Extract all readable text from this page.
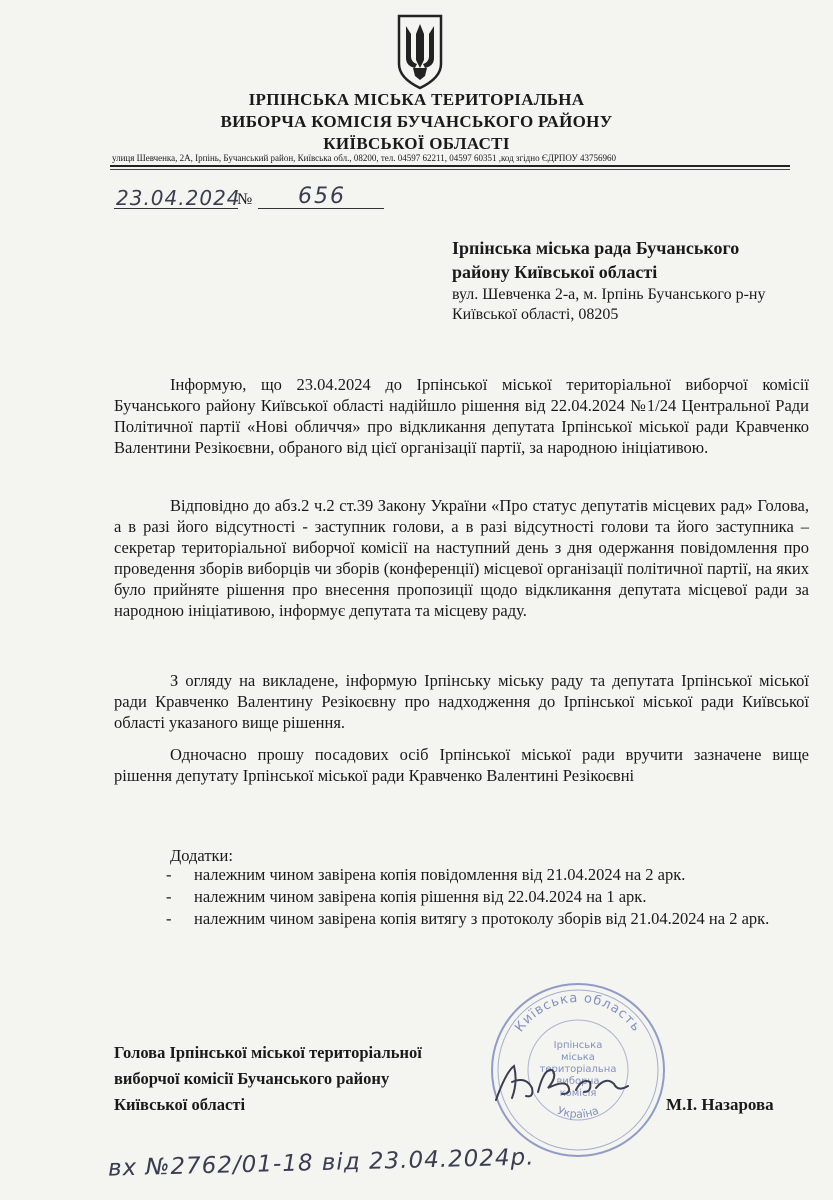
ІРПІНСЬКА МІСЬКА ТЕРИТОРІАЛЬНА
ВИБОРЧА КОМІСІЯ БУЧАНСЬКОГО РАЙОНУ
КИЇВСЬКОЇ ОБЛАСТІ
улиця Шевченка, 2А, Ірпінь, Бучанський район, Київська обл., 08200, тел. 04597 62211, 04597 60351 ,код згідно ЄДРПОУ 43756960
23.04.2024
№ 656
Ірпінська міська рада Бучанського
району Київської області
вул. Шевченка 2-а, м. Ірпінь Бучанського р-ну
Київської області, 08205

Інформую, що 23.04.2024 до Ірпінської міської територіальної виборчої комісії Бучанського району Київської області надійшло рішення від 22.04.2024 №1/24 Центральної Ради Політичної партії «Нові обличчя» про відкликання депутата Ірпінської міської ради Кравченко Валентини Резікоєвни, обраного від цієї організації партії, за народною ініціативою.

Відповідно до абз.2 ч.2 ст.39 Закону України «Про статус депутатів місцевих рад» Голова, а в разі його відсутності - заступник голови, а в разі відсутності голови та його заступника – секретар територіальної виборчої комісії на наступний день з дня одержання повідомлення про проведення зборів виборців чи зборів (конференції) місцевої організації політичної партії, на яких було прийняте рішення про внесення пропозиції щодо відкликання депутата місцевої ради за народною ініціативою, інформує депутата та місцеву раду.

З огляду на викладене, інформую Ірпінську міську раду та депутата Ірпінської міської ради Кравченко Валентину Резікоєвну про надходження до Ірпінської міської ради Київської області указаного вище рішення.

Одночасно прошу посадових осіб Ірпінської міської ради вручити зазначене вище рішення депутату Ірпінської міської ради Кравченко Валентині Резікоєвні

Додатки:
- належним чином завірена копія повідомлення від 21.04.2024 на 2 арк.
- належним чином завірена копія рішення від 22.04.2024 на 1 арк.
- належним чином завірена копія витягу з протоколу зборів від 21.04.2024 на 2 арк.
Київська область
Україна
Ірпінська
міська
територіальна
виборча
комісія
Голова Ірпінської міської територіальної
виборчої комісії Бучанського району
Київської області	М.І. Назарова
вх №2762/01-18 від 23.04.2024р.
